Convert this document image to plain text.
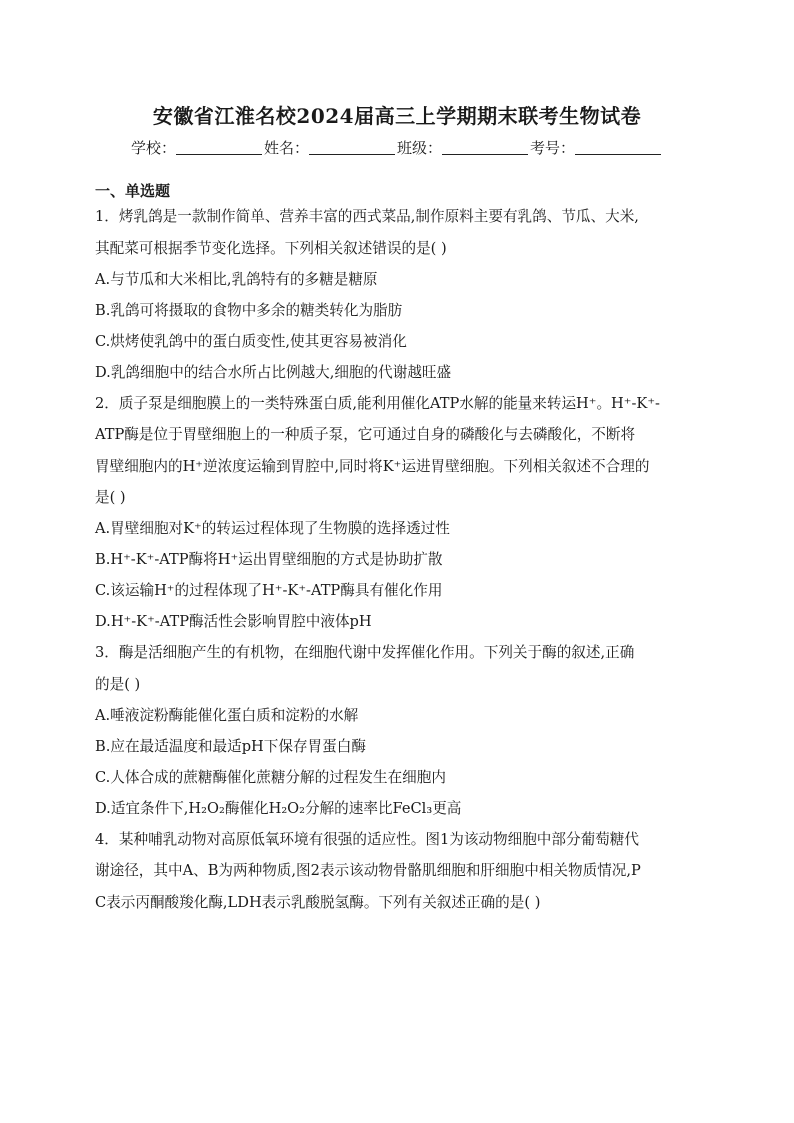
安徽省江淮名校2024届高三上学期期末联考生物试卷
学校：	姓名：	班级：	考号：
一、单选题
1．烤乳鸽是一款制作简单、营养丰富的西式菜品,制作原料主要有乳鸽、节瓜、大米,
其配菜可根据季节变化选择。下列相关叙述错误的是( )
A.与节瓜和大米相比,乳鸽特有的多糖是糖原
B.乳鸽可将摄取的食物中多余的糖类转化为脂肪
C.烘烤使乳鸽中的蛋白质变性,使其更容易被消化
D.乳鸽细胞中的结合水所占比例越大,细胞的代谢越旺盛
2．质子泵是细胞膜上的一类特殊蛋白质,能利用催化ATP水解的能量来转运H⁺。H⁺-K⁺-
ATP酶是位于胃壁细胞上的一种质子泵，它可通过自身的磷酸化与去磷酸化，不断将
胃壁细胞内的H⁺逆浓度运输到胃腔中,同时将K⁺运进胃壁细胞。下列相关叙述不合理的
是( )
A.胃壁细胞对K⁺的转运过程体现了生物膜的选择透过性
B.H⁺-K⁺-ATP酶将H⁺运出胃壁细胞的方式是协助扩散
C.该运输H⁺的过程体现了H⁺-K⁺-ATP酶具有催化作用
D.H⁺-K⁺-ATP酶活性会影响胃腔中液体pH
3．酶是活细胞产生的有机物，在细胞代谢中发挥催化作用。下列关于酶的叙述,正确
的是( )
A.唾液淀粉酶能催化蛋白质和淀粉的水解
B.应在最适温度和最适pH下保存胃蛋白酶
C.人体合成的蔗糖酶催化蔗糖分解的过程发生在细胞内
D.适宜条件下,H₂O₂酶催化H₂O₂分解的速率比FeCl₃更高
4．某种哺乳动物对高原低氧环境有很强的适应性。图1为该动物细胞中部分葡萄糖代
谢途径，其中A、B为两种物质,图2表示该动物骨骼肌细胞和肝细胞中相关物质情况,P
C表示丙酮酸羧化酶,LDH表示乳酸脱氢酶。下列有关叙述正确的是( )
